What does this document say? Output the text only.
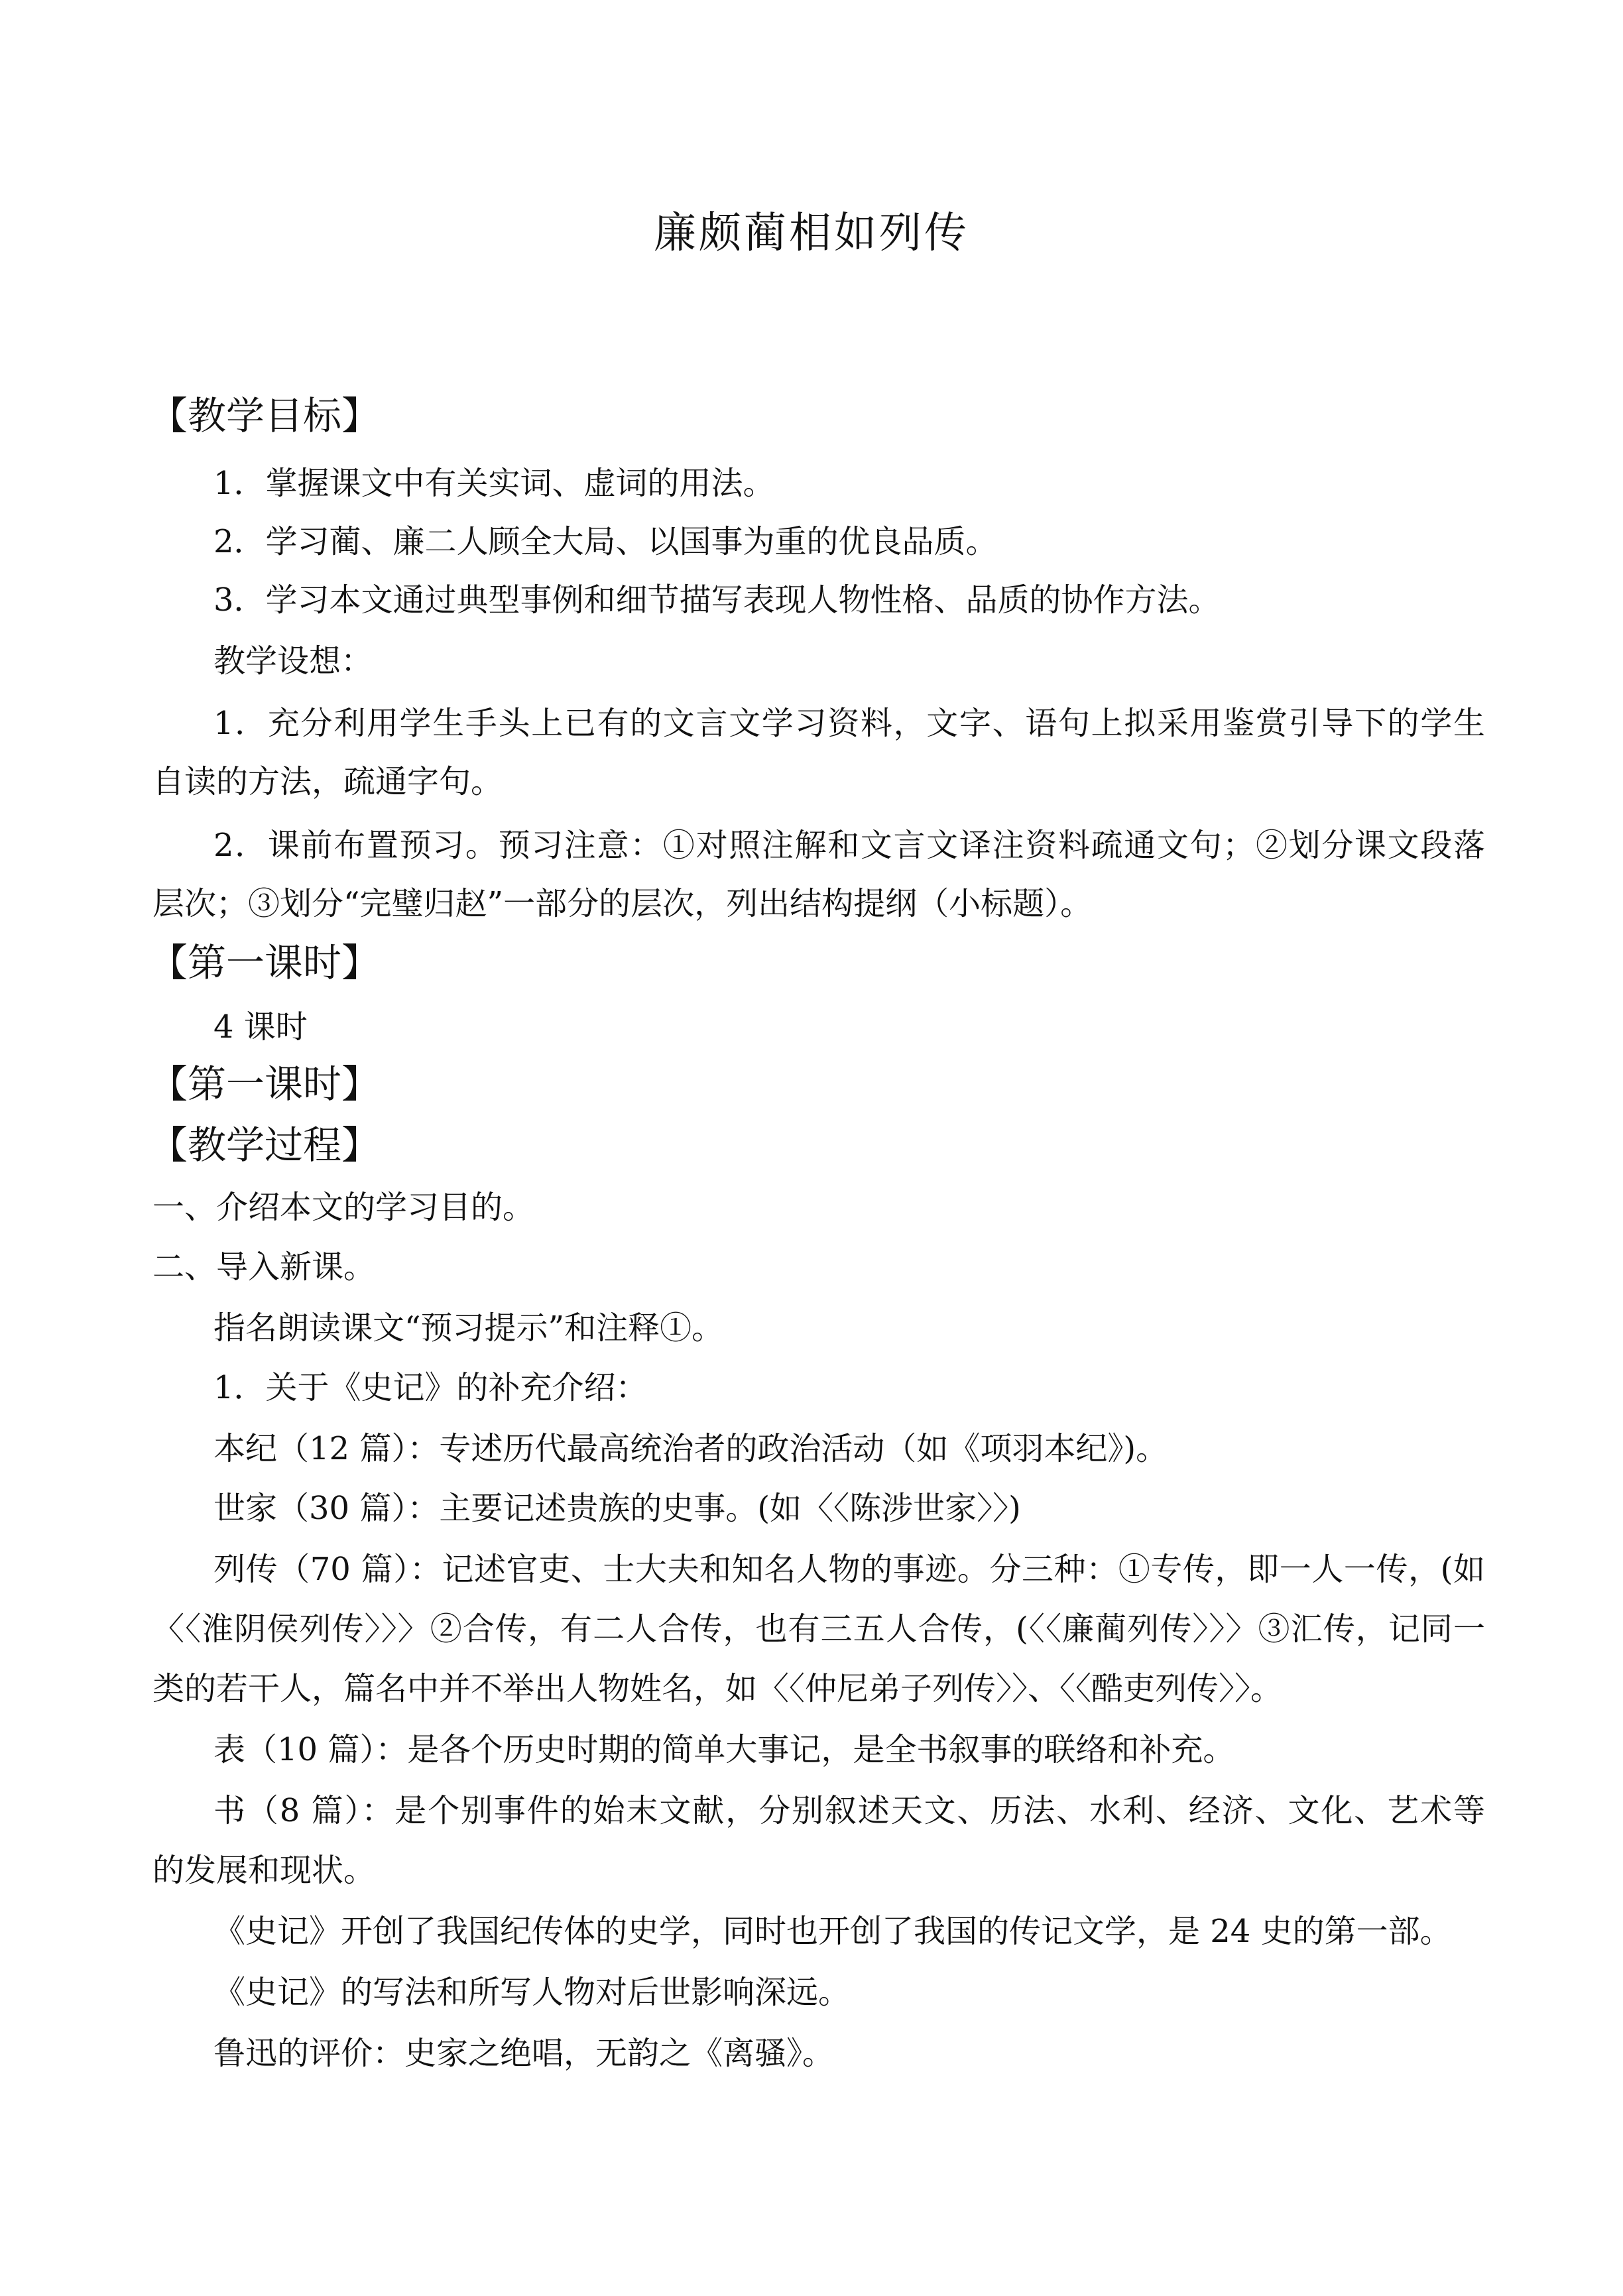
廉颇蔺相如列传
【教学目标】
1．掌握课文中有关实词、虚词的用法。
2．学习蔺、廉二人顾全大局、以国事为重的优良品质。
3．学习本文通过典型事例和细节描写表现人物性格、品质的协作方法。
教学设想：
1．充分利用学生手头上已有的文言文学习资料，文字、语句上拟采用鉴赏引导下的学生
自读的方法，疏通字句。
2．课前布置预习。预习注意：①对照注解和文言文译注资料疏通文句；②划分课文段落
层次；③划分“完璧归赵”一部分的层次，列出结构提纲（小标题）。
【第一课时】
4 课时
【第一课时】
【教学过程】
一、介绍本文的学习目的。
二、导入新课。
指名朗读课文“预习提示”和注释①。
1．关于《史记》的补充介绍：
本纪（12 篇）：专述历代最高统治者的政治活动（如《项羽本纪》)。
世家（30 篇）：主要记述贵族的史事。(如〈〈陈涉世家〉〉)
列传（70 篇）：记述官吏、士大夫和知名人物的事迹。分三种：①专传，即一人一传，(如
〈〈淮阴侯列传〉〉〉②合传，有二人合传，也有三五人合传，(〈〈廉蔺列传〉〉〉③汇传，记同一
类的若干人，篇名中并不举出人物姓名，如〈〈仲尼弟子列传〉〉、〈〈酷吏列传〉〉。
表（10 篇）：是各个历史时期的简单大事记，是全书叙事的联络和补充。
书（8 篇）：是个别事件的始末文献，分别叙述天文、历法、水利、经济、文化、艺术等
的发展和现状。
《史记》开创了我国纪传体的史学，同时也开创了我国的传记文学，是 24 史的第一部。
《史记》的写法和所写人物对后世影响深远。
鲁迅的评价：史家之绝唱，无韵之《离骚》。
